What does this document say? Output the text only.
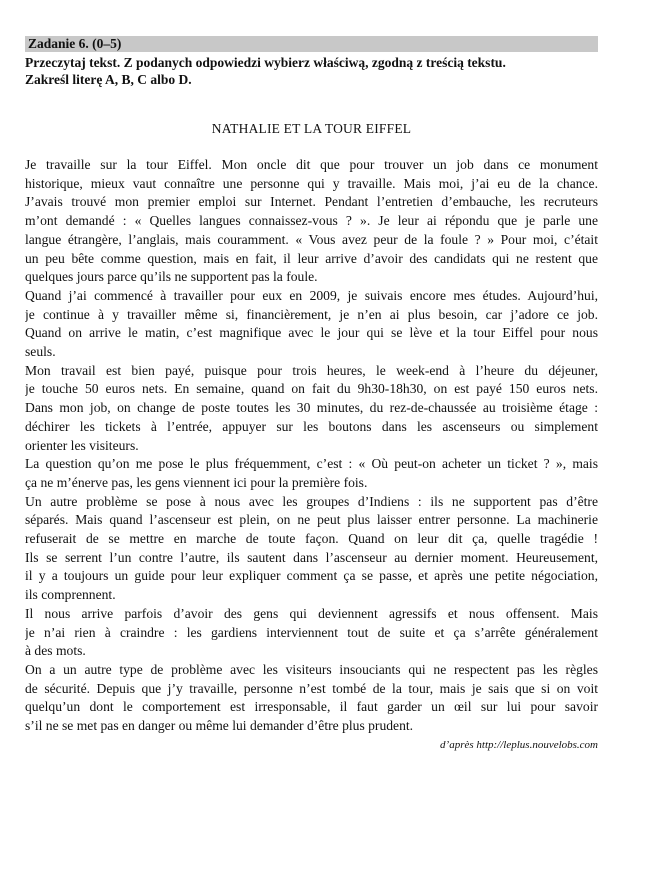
Zadanie 6. (0–5)
Przeczytaj tekst. Z podanych odpowiedzi wybierz właściwą, zgodną z treścią tekstu.
Zakreśl literę A, B, C albo D.
NATHALIE ET LA TOUR EIFFEL
Je travaille sur la tour Eiffel. Mon oncle dit que pour trouver un job dans ce monument
historique, mieux vaut connaître une personne qui y travaille. Mais moi, j’ai eu de la chance.
J’avais trouvé mon premier emploi sur Internet. Pendant l’entretien d’embauche, les recruteurs
m’ont demandé : « Quelles langues connaissez-vous ? ». Je leur ai répondu que je parle une
langue étrangère, l’anglais, mais couramment. « Vous avez peur de la foule ? » Pour moi, c’était
un peu bête comme question, mais en fait, il leur arrive d’avoir des candidats qui ne restent que
quelques jours parce qu’ils ne supportent pas la foule.
Quand j’ai commencé à travailler pour eux en 2009, je suivais encore mes études. Aujourd’hui,
je continue à y travailler même si, financièrement, je n’en ai plus besoin, car j’adore ce job.
Quand on arrive le matin, c’est magnifique avec le jour qui se lève et la tour Eiffel pour nous
seuls.
Mon travail est bien payé, puisque pour trois heures, le week-end à l’heure du déjeuner,
je touche 50 euros nets. En semaine, quand on fait du 9h30-18h30, on est payé 150 euros nets.
Dans mon job, on change de poste toutes les 30 minutes, du rez-de-chaussée au troisième étage :
déchirer les tickets à l’entrée, appuyer sur les boutons dans les ascenseurs ou simplement
orienter les visiteurs.
La question qu’on me pose le plus fréquemment, c’est : « Où peut-on acheter un ticket ? », mais
ça ne m’énerve pas, les gens viennent ici pour la première fois.
Un autre problème se pose à nous avec les groupes d’Indiens : ils ne supportent pas d’être
séparés. Mais quand l’ascenseur est plein, on ne peut plus laisser entrer personne. La machinerie
refuserait de se mettre en marche de toute façon. Quand on leur dit ça, quelle tragédie !
Ils se serrent l’un contre l’autre, ils sautent dans l’ascenseur au dernier moment. Heureusement,
il y a toujours un guide pour leur expliquer comment ça se passe, et après une petite négociation,
ils comprennent.
Il nous arrive parfois d’avoir des gens qui deviennent agressifs et nous offensent. Mais
je n’ai rien à craindre : les gardiens interviennent tout de suite et ça s’arrête généralement
à des mots.
On a un autre type de problème avec les visiteurs insouciants qui ne respectent pas les règles
de sécurité. Depuis que j’y travaille, personne n’est tombé de la tour, mais je sais que si on voit
quelqu’un dont le comportement est irresponsable, il faut garder un œil sur lui pour savoir
s’il ne se met pas en danger ou même lui demander d’être plus prudent.
d’après http://leplus.nouvelobs.com
